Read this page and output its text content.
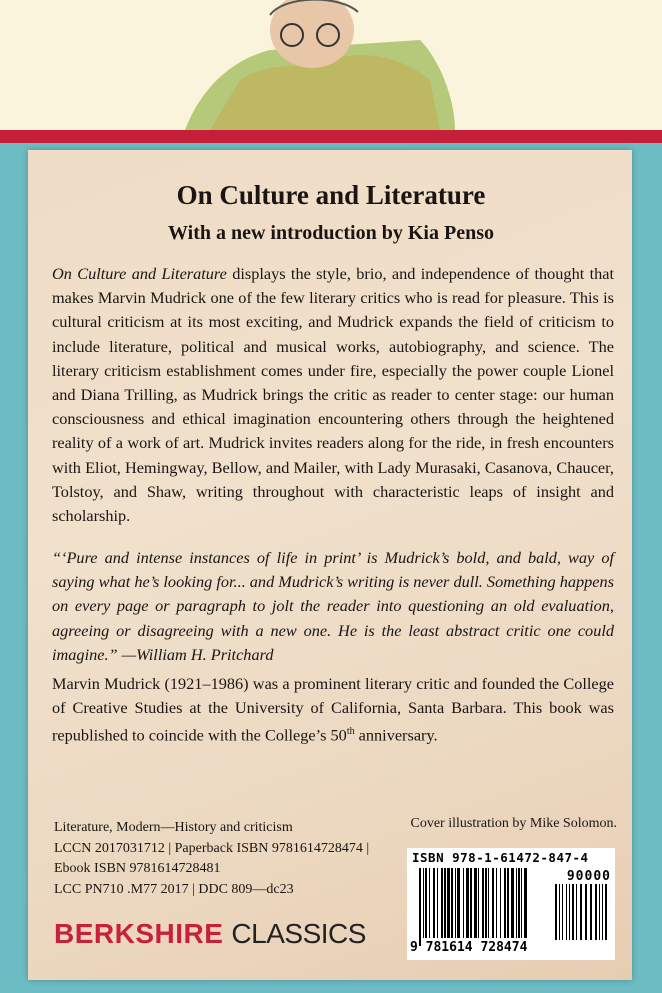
On Culture and Literature
With a new introduction by Kia Penso
On Culture and Literature displays the style, brio, and independence of thought that makes Marvin Mudrick one of the few literary critics who is read for pleasure. This is cultural criticism at its most exciting, and Mudrick expands the field of criticism to include literature, political and musical works, autobiography, and science. The literary criticism establishment comes under fire, especially the power couple Lionel and Diana Trilling, as Mudrick brings the critic as reader to center stage: our human consciousness and ethical imagination encountering others through the heightened reality of a work of art. Mudrick invites readers along for the ride, in fresh encounters with Eliot, Hemingway, Bellow, and Mailer, with Lady Murasaki, Casanova, Chaucer, Tolstoy, and Shaw, writing throughout with characteristic leaps of insight and scholarship.
“‘Pure and intense instances of life in print’ is Mudrick’s bold, and bald, way of saying what he’s looking for... and Mudrick’s writing is never dull. Something happens on every page or paragraph to jolt the reader into questioning an old evaluation, agreeing or disagreeing with a new one. He is the least abstract critic one could imagine.” —William H. Pritchard
Marvin Mudrick (1921–1986) was a prominent literary critic and founded the College of Creative Studies at the University of California, Santa Barbara. This book was republished to coincide with the College’s 50th anniversary.
Literature, Modern—History and criticism
LCCN 2017031712 | Paperback ISBN 9781614728474 |
Ebook ISBN 9781614728481
LCC PN710 .M77 2017 | DDC 809—dc23
Cover illustration by Mike Solomon.
BERKSHIRE CLASSICS
ISBN 978-1-61472-847-4
90000
9 781614 728474
